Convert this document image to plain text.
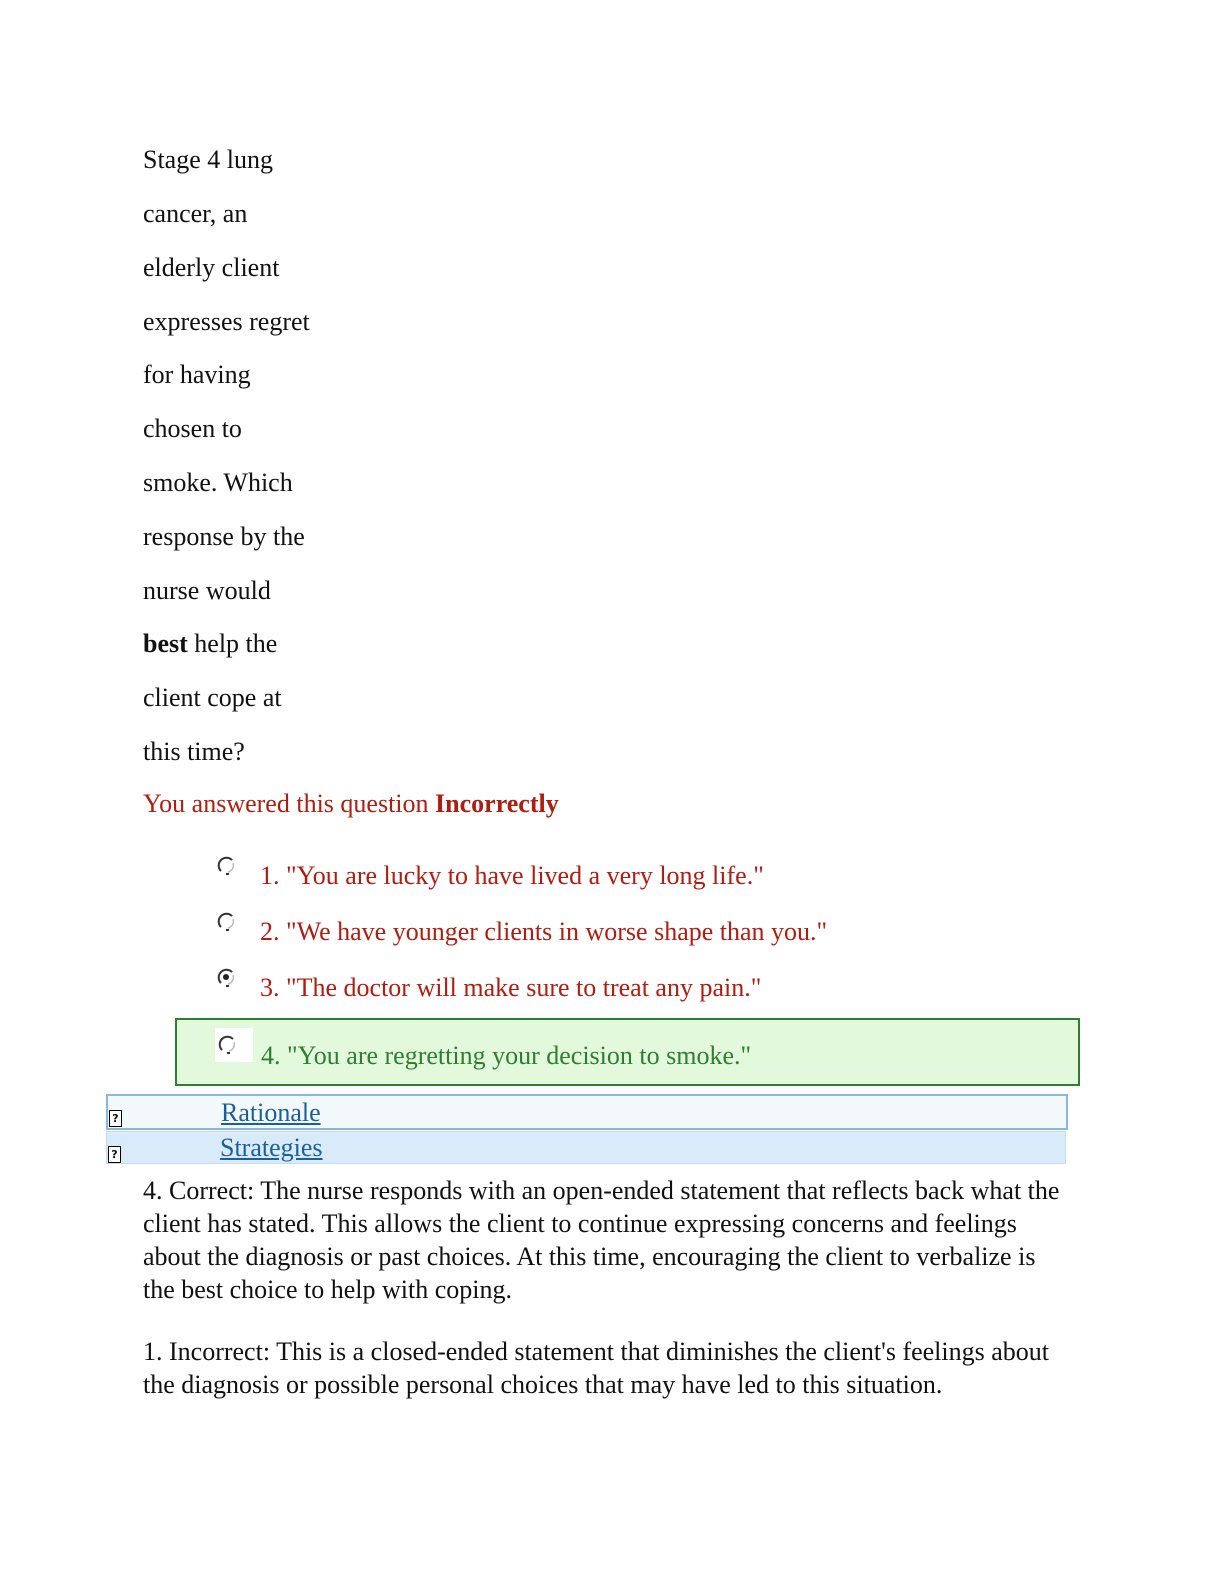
Stage 4 lung
cancer, an
elderly client
expresses regret
for having
chosen to
smoke. Which
response by the
nurse would
best help the
client cope at
this time?
You answered this question Incorrectly
1. "You are lucky to have lived a very long life."
2. "We have younger clients in worse shape than you."
3. "The doctor will make sure to treat any pain."
4. "You are regretting your decision to smoke."
?	Rationale
?	Strategies
4. Correct: The nurse responds with an open-ended statement that reflects back what the client has stated. This allows the client to continue expressing concerns and feelings about the diagnosis or past choices. At this time, encouraging the client to verbalize is the best choice to help with coping.
1. Incorrect: This is a closed-ended statement that diminishes the client's feelings about the diagnosis or possible personal choices that may have led to this situation.
